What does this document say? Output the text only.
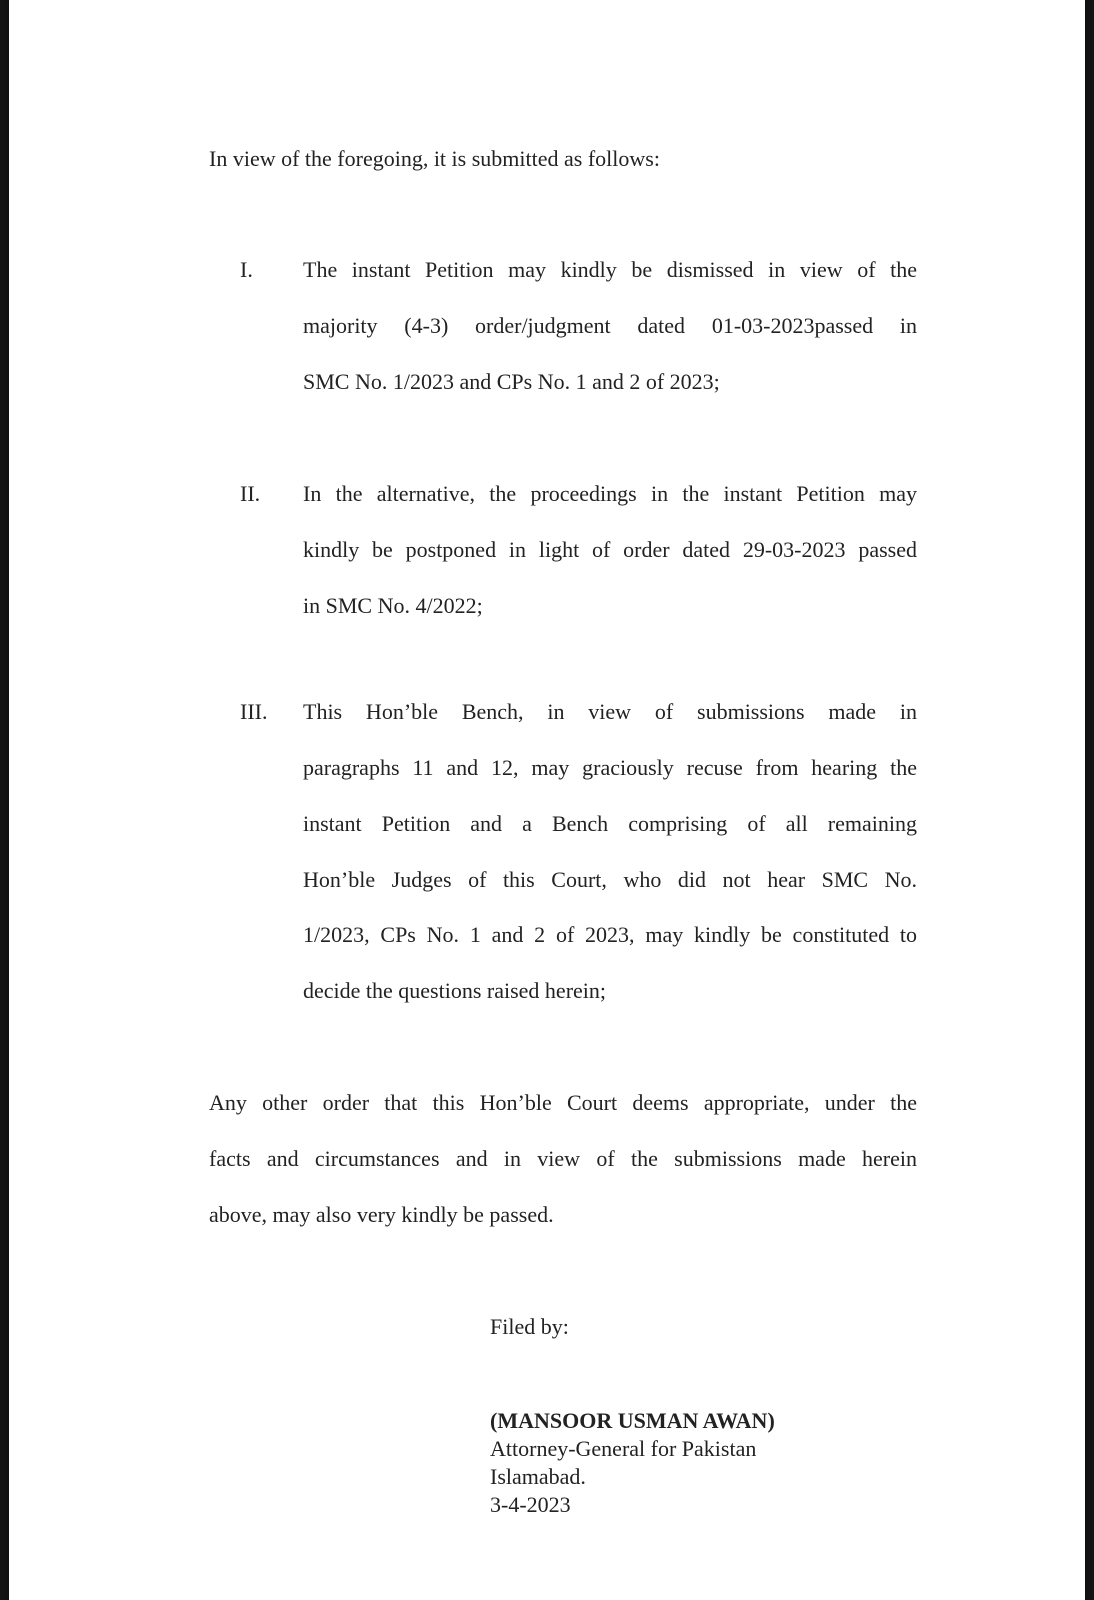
In view of the foregoing, it is submitted as follows:

I. The instant Petition may kindly be dismissed in view of the
majority (4-3) order/judgment dated 01-03-2023passed in
SMC No. 1/2023 and CPs No. 1 and 2 of 2023;
II. In the alternative, the proceedings in the instant Petition may
kindly be postponed in light of order dated 29-03-2023 passed
in SMC No. 4/2022;
III. This Hon’ble Bench, in view of submissions made in
paragraphs 11 and 12, may graciously recuse from hearing the
instant Petition and a Bench comprising of all remaining
Hon’ble Judges of this Court, who did not hear SMC No.
1/2023, CPs No. 1 and 2 of 2023, may kindly be constituted to
decide the questions raised herein;
Any other order that this Hon’ble Court deems appropriate, under the
facts and circumstances and in view of the submissions made herein
above, may also very kindly be passed.

Filed by:

(MANSOOR USMAN AWAN)
Attorney-General for Pakistan
Islamabad.
3-4-2023
